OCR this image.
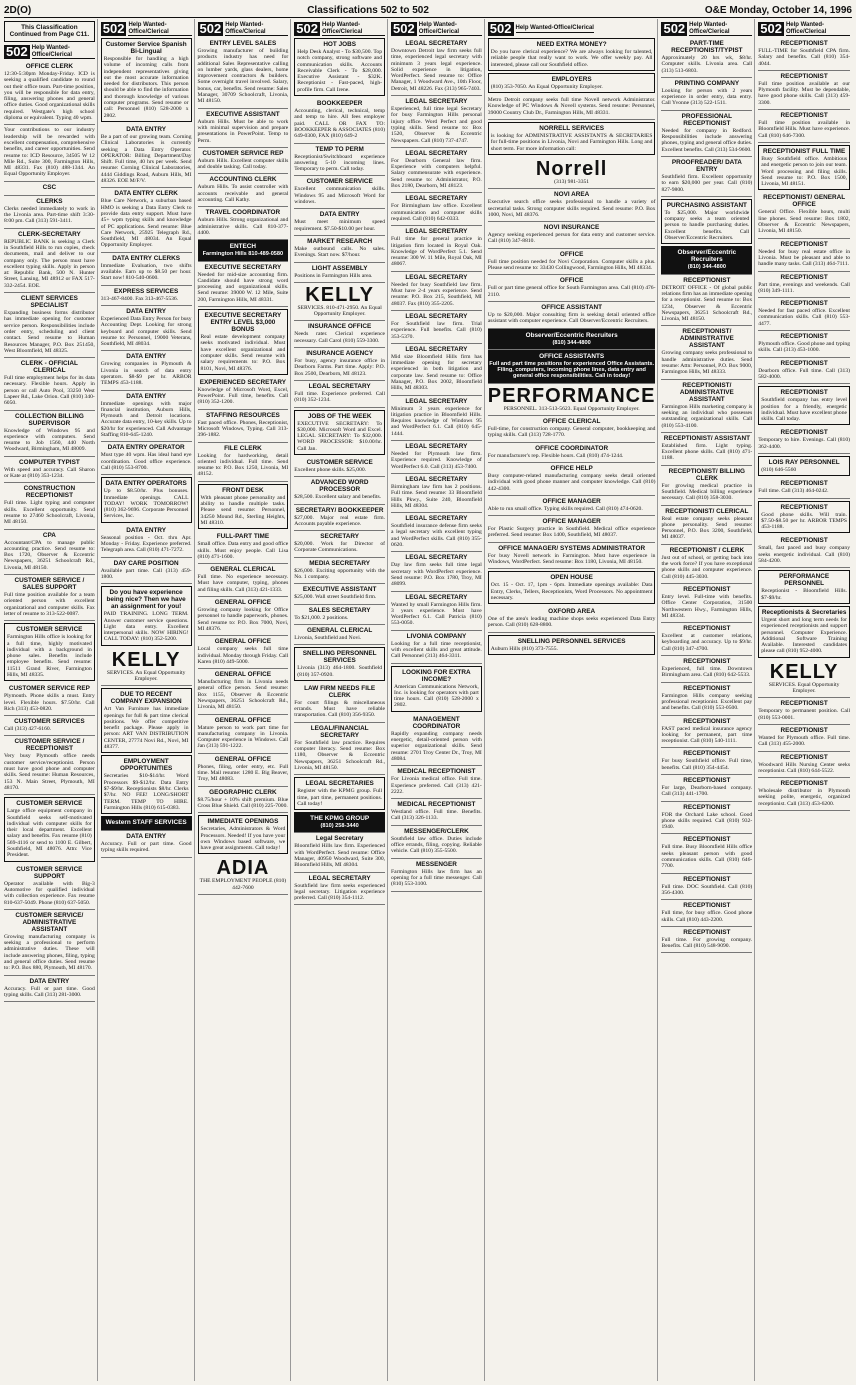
2D(O)	Classifications 502 to 502	O&E Monday, October 14, 1996
This Classification Continued from Page C11.
502 Help Wanted-Office/Clerical
OFFICE CLERK

12:30-5:30pm Monday-Friday. ICD is seeking a qualified candidate to round out their office team. Part-time position, you will be responsible for data entry, filing, answering phones and general office duties. Good organizational skills required. Westgate's high school diploma or equivalent. Typing 40 wpm.

Your contributions to our industry leadership will be rewarded with excellent compensation, comprehensive benefits, and career opportunities. Send resume to: ICD Resource, 34505 W 12 Mile Rd., Suite 300, Farmington Hills, MI 48331. Fax (810) 488-1344. An Equal Opportunity Employer.

CSC
CLERKS

Clerks needed immediately to work in the Livonia area. Part-time shift 3:30-8:00 pm. Call (313) 591-3411.

CLERK-SECRETARY

REPUBLIC BANK is seeking a Clerk in Southfield Hills to run copies, check documents, mail and deliver to our company only. The person must have excellent typing skills. Apply in person at: Republic Bank, 500 N. Hunter Street, Lansing, MI 48912 or FAX 517-332-2454. EOE.

CLIENT SERVICES SPECIALIST

Expanding business forms distributor has immediate opening for customer service person. Responsibilities include order entry, scheduling and client contact. Send resume to Human Resources Manager, P.O. Box 251450, West Bloomfield, MI 48325.

CLERK - OFFICIAL CLERICAL

Full time employment helps for its data necessary. Flexible hours. Apply in person or call Auto Pool, 33250 West Lapeer Rd., Lake Orion. Call (810) 340-6050.

COLLECTION BILLING SUPERVISOR

Knowledge of Windows 95 and experience with computers. Send resume to Job 1560, 440 North Woodward, Birmingham, MI 48009.

COMPUTER TYPIST

With speed and accuracy. Call Sharon or Kate at (810) 353-1234.

CONSTRUCTION RECEPTIONIST

Full time. Light typing and computer skills. Excellent opportunity. Send resume to 27460 Schoolcraft, Livonia, MI 48150.

CPA

Accountant/CPA to manage public accounting practice. Send resume to: Box 1720, Observer & Eccentric Newspapers, 36251 Schoolcraft Rd., Livonia, MI 48150.

CUSTOMER SERVICE / SALES SUPPORT

Full time position available for a team oriented person with excellent organizational and computer skills. Fax letter of resume to 313-522-0087.

CUSTOMER SERVICE

Farmington Hills office is looking for a full time, highly motivated individual with a background in phone sales. Benefits include employee benefits. Send resume: 11511 Grand River, Farmington Hills, MI 48335.

CUSTOMER SERVICE REP

Plymouth. Phone skills a must. Entry level. Flexible hours. $7.50/hr. Call Rich (313) 453-0820.

CUSTOMER SERVICES

Call (313) 427-6160.

CUSTOMER SERVICE / RECEPTIONIST

Very busy Plymouth office needs customer service/receptionist. Person must have good phone and computer skills. Send resume: Human Resources, 153 N. Main Street, Plymouth, MI 48170.

CUSTOMER SERVICE

Large office equipment company in Southfield seeks self-motivated individual with computer skills for their local department. Excellent salary and benefits. Fax resume (810) 569-4116 or send to 1100 E. Gilbert, Southfield, MI 48076. Attn: Vice President.

CUSTOMER SERVICE SUPPORT

Operator available with Big-3 Automotive for qualified individual with collection experience. Fax resume 810-637-5049. Phone (810) 637-5050.

CUSTOMER SERVICE/ ADMINISTRATIVE ASSISTANT

Growing manufacturing company is seeking a professional to perform administrative duties. These will include answering phones, filing, typing and general office duties. Send resume to: P.O. Box 880, Plymouth, MI 48170.

DATA ENTRY

Accuracy. Full or part time. Good typing skills. Call (313) 281-3000.

502 Help Wanted-Office/Clerical
Customer Service Spanish Bi-Lingual

Responsible for handling a high volume of incoming calls from independent representatives giving out the most accurate information needed for distributors. This person should be able to find the information and thorough knowledge of various computer programs. Send resume or call: Personnel (810) 528-2000 x 2802.

DATA ENTRY

Be a part of our growing team. Corning Clinical Laboratories is currently seeking a Data Entry Operator. OPERATOR: Billing Department/Day Shift. Full time, 40 hrs per week. Send resume: Corning Clinical Laboratories, 4444 Giddings Road, Auburn Hills, MI 48326. EOE M/F/V.

DATA ENTRY CLERK

Blue Care Network, a suburban based HMO is seeking a Data Entry Clerk to provide data entry support. Must have 45+ wpm typing skills and knowledge of PC applications. Send resume: Blue Care Network, 25925 Telegraph Rd., Southfield, MI 48034. An Equal Opportunity Employer.

DATA ENTRY CLERKS

Immediate Evaluation, two shifts available. Earn up to $8.50 per hour. Start now! 810-540-0600.

EXPRESS SERVICES

313-467-8400. Fax 313-467-5536.

DATA ENTRY

Experienced Data Entry Person for busy Accounting Dept. Looking for strong keyboard and computer skills. Send resume to: Personnel, 19000 Veterans, Southfield, MI 48034.

DATA ENTRY

Growing companies in Plymouth & Livonia in search of data entry operators. $8-$9 per hr. ARBOR TEMPS 453-1188.

DATA ENTRY

Immediate openings with major financial institution, Auburn Hills, Plymouth and Detroit locations. Accurate data entry, 10-key skills. Up to $20/hr for experienced. Call Advantage Staffing 810-645-1240.

DATA ENTRY OPERATOR

Must type 40 wpm. Has ideal hand eye coordination. Good office experience. Call (810) 553-8700.

DATA ENTRY OPERATORS

Up to $8.50/hr. Plus bonuses. Immediate openings. CALL TODAY! WORK TOMORROW! (810) 362-9696. Corporate Personnel Services, Inc.

DATA ENTRY

Seasonal position - Oct. thru Apr. Monday - Friday. Experience preferred. Telegraph area. Call (810) 471-7272.

DAY CARE POSITION

Available part time. Call (313) 459-1800.

Do you have experience being nice? Then we have an assignment for you!

PAID TRAINING. LONG TERM. Answer customer service questions. Light data entry. Excellent interpersonal skills. NOW HIRING! CALL TODAY: (810) 352-5200.

KELLY

SERVICES. An Equal Opportunity Employer.

DUE TO RECENT COMPANY EXPANSION

Art Van Furniture has immediate openings for full & part time clerical positions. We offer competitive benefit package. Please apply in person: ART VAN DISTRIBUTION CENTER, 27774 Novi Rd., Novi, MI 48377.

EMPLOYMENT OPPORTUNITIES

Secretaries $10-$14/hr. Word Processors $9-$12/hr. Data Entry $7-$9/hr. Receptionists $8/hr. Clerks $7/hr. NO FEE! LONG/SHORT TERM. TEMP TO HIRE. Farmington Hills (810) 615-0383.

Western STAFF SERVICES
DATA ENTRY

Accuracy. Full or part time. Good typing skills required.

502 Help Wanted-Office/Clerical
ENTRY LEVEL SALES

Growing manufacturer of building products industry has need for additional Sales Representative calling on lumber yards, glass dealers, home improvement contractors & builders. Some overnight travel involved. Salary, bonus, car, benefits. Send resume: Sales Manager, 30709 Schoolcraft, Livonia, MI 48150.

EXECUTIVE ASSISTANT

Auburn Hills. Must be able to work with minimal supervision and prepare presentations in PowerPoint. Temp to Perm.

CUSTOMER SERVICE REP

Auburn Hills. Excellent computer skills and double tasking. Call today.

ACCOUNTING CLERK

Auburn Hills. To assist controller with accounts receivable and general accounting. Call Kathy.

TRAVEL COORDINATOR

Auburn Hills. Strong organizational and administrative skills. Call 810-377-4400.

ENTECH

Farmington Hills 810-489-0580

EXECUTIVE SECRETARY

Needed for mid-size accounting firm. Candidate should have strong word processing and organizational skills. Send resume: 39000 W. 12 Mile, Suite 200, Farmington Hills, MI 48331.

EXECUTIVE SECRETARY ENTRY LEVEL $3,000 BONUS

Real estate development company seeks motivated individual. Must have excellent organizational and computer skills. Send resume with salary requirements to: P.O. Box 8101, Novi, MI 48376.

EXPERIENCED SECRETARY

Knowledge of Microsoft Word, Excel, PowerPoint. Full time, benefits. Call (810) 352-1200.

STAFFING RESOURCES

Fast paced office. Phones, Receptionist, Microsoft Windows, Typing. Call 313-396-1882.

FILE CLERK

Looking for hardworking, detail oriented individual. Full time. Send resume to: P.O. Box 1250, Livonia, MI 48152.

FRONT DESK

With pleasant phone personality and ability to handle multiple tasks. Please send resume: Personnel, 34250 Mound Rd., Sterling Heights, MI 48310.

FULL-PART TIME

Small office. Data entry and good office skills. Must enjoy people. Call Lisa (810) 471-1600.

GENERAL CLERICAL

Full time. No experience necessary. Must have computer, typing, phones and filing skills. Call (313) 421-1333.

GENERAL OFFICE

Growing company looking for Office personnel to handle paperwork, phones. Send resume to: P.O. Box 7000, Novi, MI 48376.

GENERAL OFFICE

Local company seeks full time individual. Monday through Friday. Call Karen (810) 449-5000.

GENERAL OFFICE

Manufacturing firm in Livonia needs general office person. Send resume: Box 1155, Observer & Eccentric Newspapers, 36251 Schoolcraft Rd., Livonia, MI 48150.

GENERAL OFFICE

Mature person to work part time for manufacturing company in Livonia. Computer experience in Windows. Call Jan (313) 591-1222.

GENERAL OFFICE

Phones, filing, order entry, etc. Full time. Mail resume: 1280 E. Big Beaver, Troy, MI 48083.

GEOGRAPHIC CLERK

$8.75/hour + 10% shift premium. Blue Cross Blue Shield. Call (810) 225-7000.

IMMEDIATE OPENINGS

Secretaries, Administrators & Word Processors. Needed! If you have your own Windows based software, we have great assignments. Call today!

ADIA

THE EMPLOYMENT PEOPLE (810) 442-7600

502 Help Wanted-Office/Clerical
HOT JOBS

Help Desk Analyst - To $30,500. Top notch company, strong software and communication skills. Accounts Receivable Clerk - To $28,000. Executive Assistant - $32K. Receptionist - Fast-paced, high-profile firm. Call Irene.

BOOKKEEPER

Accounting, clerical, technical, temp and temp to hire. All fees employer paid. CALL OR FAX TO: BOOKKEEPER & ASSOCIATES (810) 649-0300, FAX (810) 649-2

TEMP TO PERM

Receptionist/Switchboard experience answering 5-10 incoming lines. Temporary to perm. Call today.

CUSTOMER SERVICE

Excellent communication skills. Windows 95 and Microsoft Word for windows.

DATA ENTRY

Must meet minimum speed requirement. $7.50-$10.00 per hour.

MARKET RESEARCH

Make outbound calls. No sales. Evenings. Start now. $7/hour.

LIGHT ASSEMBLY

Positions in Farmington Hills area.

KELLY

SERVICES. 810-471-2950. An Equal Opportunity Employer.

INSURANCE OFFICE

Needs rater. Clerical experience necessary. Call Carol (810) 559-3300.

INSURANCE AGENCY

For busy, agency insurance office in Dearborn Farms. Part time. Apply: P.O. Box 2500, Dearborn, MI 48123.

LEGAL SECRETARY

Full time. Experience preferred. Call (810) 352-1234.

JOBS OF THE WEEK

EXECUTIVE SECRETARY: To $30,000. Microsoft Word and Excel. LEGAL SECRETARY: To $32,000. WORD PROCESSOR: $10.00/hr. Call Jan.

CUSTOMER SERVICE

Excellent phone skills. $25,000.

ADVANCED WORD PROCESSOR

$28,500. Excellent salary and benefits.

SECRETARY/ BOOKKEEPER

$27,000. Major real estate firm. Accounts payable experience.

SECRETARY

$20,000. Work for Director of Corporate Communications.

MEDIA SECRETARY

$26,000. Exciting opportunity with the No. 1 company.

EXECUTIVE ASSISTANT

$25,000. Wall street Southfield firm.

SALES SECRETARY

To $21,000. 2 positions.

GENERAL CLERICAL

Livonia, Southfield and Novi.

SNELLING PERSONNEL SERVICES

Livonia (313) 464-1800. Southfield (810) 357-0920.

LAW FIRM NEEDS FILE CLERK

For court filings & miscellaneous errands. Must have reliable transportation. Call (810) 356-9350.

LEGAL/FINANCIAL SECRETARY

For Southfield law practice. Requires computer literacy. Send resume: Box 1180, Observer & Eccentric Newspapers, 36251 Schoolcraft Rd., Livonia, MI 48150.

LEGAL SECRETARIES

Register with the KPMG group. Full time, part time, permanent positions. Call today!

THE KPMG GROUP

(810) 258-3440

Legal Secretary

Bloomfield Hills law firm. Experienced with WordPerfect. Send resume: Office Manager, 40950 Woodward, Suite 300, Bloomfield Hills, MI 48304.

LEGAL SECRETARY

Southfield law firm seeks experienced legal secretary. Litigation experience preferred. Call (810) 354-1112.

502 Help Wanted-Office/Clerical
LEGAL SECRETARY

Downtown Detroit law firm seeks full time, experienced legal secretary with minimum 3 years legal experience. Solid experience in litigation, WordPerfect. Send resume to: Office Manager, 1 Woodward Ave., 10th Floor, Detroit, MI 48226. Fax (313) 965-7403.

LEGAL SECRETARY

Experienced, full time legal Secretary for busy Farmington Hills personal injury office. Word Perfect and good typing skills. Send resume to: Box 1520, Observer & Eccentric Newspapers. Call (810) 737-4747.

LEGAL SECRETARY

For Dearborn General law firm. Experience with computers helpful. Salary commensurate with experience. Send resume to: Administrator, P.O. Box 2180, Dearborn, MI 48123.

LEGAL SECRETARY

For Birmingham law office. Excellent communication and computer skills required. Call (810) 642-0333.

LEGAL SECRETARY

Full time for general practice in litigation firm located in Royal Oak. Knowledge of WordPerfect 5.1. Send resume: 300 W. 11 Mile, Royal Oak, MI 48067.

LEGAL SECRETARY

Needed for busy Southfield law firm. Must have 2-4 years experience. Send resume: P.O. Box 215, Southfield, MI 48037. Fax (810) 355-2205.

LEGAL SECRETARY

For Southfield law firm. Trial experience. Full benefits. Call (810) 353-5370.

LEGAL SECRETARY

Mid size Bloomfield Hills firm has immediate opening for secretary experienced in both litigation and corporate law. Send resume to: Office Manager, P.O. Box 2002, Bloomfield Hills, MI 48303.

LEGAL SECRETARY

Minimum 3 years experience for litigation practice in Bloomfield Hills. Requires knowledge of Windows 95 and WordPerfect 6.1. Call (810) 645-1444.

LEGAL SECRETARY

Needed for Plymouth law firm. Experience required. Knowledge of WordPerfect 6.0. Call (313) 453-7400.

LEGAL SECRETARY

Birmingham law firm has 2 positions. Full time. Send resume: 33 Bloomfield Hills Pkwy., Suite 240, Bloomfield Hills, MI 48304.

LEGAL SECRETARY

Southfield insurance defense firm seeks a legal secretary with excellent typing and WordPerfect skills. Call (810) 355-0620.

LEGAL SECRETARY

Day law firm seeks full time legal secretary with WordPerfect experience. Send resume: P.O. Box 1780, Troy, MI 48099.

LEGAL SECRETARY

Wanted by small Farmington Hills firm. 3 years experience. Must have WordPerfect 6.1. Call Patricia (810) 553-0050.

LIVONIA COMPANY

Looking for a full time receptionist, with excellent skills and great attitude. Call Personnel (313) 464-3311.

LOOKING FOR EXTRA INCOME?

American Communications Network, Inc. is looking for operators with part time hours. Call (810) 528-2000 x 2802.

MANAGEMENT COORDINATOR

Rapidly expanding company needs energetic, detail-oriented person with superior organizational skills. Send resume: 2701 Troy Center Dr., Troy, MI 48084.

MEDICAL RECEPTIONIST

For Livonia medical office. Full time. Experience preferred. Call (313) 421-2222.

MEDICAL RECEPTIONIST

Westland office. Full time. Benefits. Call (313) 326-1133.

MESSENGER/CLERK

Southfield law office. Duties include office errands, filing, copying. Reliable vehicle. Call (810) 355-5500.

MESSENGER

Farmington Hills law firm has an opening for a full time messenger. Call (810) 553-3100.

502 Help Wanted-Office/Clerical
NEED EXTRA MONEY?

Do you have clerical experience? We are always looking for talented, reliable people that really want to work. We offer weekly pay. All interested, please call our Southfield office.

EMPLOYERS

(810) 353-7050. An Equal Opportunity Employer.

Metro Detroit company seeks full time Novell network Administrator. Knowledge of PC Windows & Novell systems. Send resume: Personnel, 39000 Country Club Dr., Farmington Hills, MI 48331.

NORRELL SERVICES

is looking for ADMINISTRATIVE ASSISTANTS & SECRETARIES for full-time positions in Livonia, Novi and Farmington Hills. Long and short term. For more information call:

Norrell

(313) 981-3351

NOVI AREA

Executive search office seeks professional to handle a variety of secretarial tasks. Strong computer skills required. Send resume: P.O. Box 1000, Novi, MI 48376.

NOVI INSURANCE

Agency seeking experienced person for data entry and customer service. Call (810) 347-8810.

OFFICE

Full time position needed for Novi Corporation. Computer skills a plus. Please send resume to: 33430 Collingwood, Farmington Hills, MI 48334.

OFFICE

Full or part time general office for South Farmington area. Call (810) 476-2110.

OFFICE ASSISTANT

Up to $20,000. Major consulting firm is seeking detail oriented office assistant with computer experience. Call Observer/Eccentric Recruiters.

Observer/Eccentric Recruiters

(810) 344-4800

OFFICE ASSISTANTS

Full and part time positions for experienced Office Assistants. Filing, computers, incoming phone lines, data entry and general office responsibilities. Call in today!

PERFORMANCE

PERSONNEL. 313-513-5623. Equal Opportunity Employer.

OFFICE CLERICAL

Full-time, for construction company. General computer, bookkeeping and typing skills. Call (313) 728-1770.

OFFICE COORDINATOR

For manufacturer's rep. Flexible hours. Call (810) 474-1244.

OFFICE HELP

Busy computer-related manufacturing company seeks detail oriented individual with good phone manner and computer knowledge. Call (810) 442-4300.

OFFICE MANAGER

Able to run small office. Typing skills required. Call (810) 474-0620.

OFFICE MANAGER

For Plastic Surgery practice in Southfield. Medical office experience preferred. Send resume: Box 1400, Southfield, MI 48037.

OFFICE MANAGER/ SYSTEMS ADMINISTRATOR

For busy Novell network in Farmington. Must have experience in Windows, WordPerfect. Send resume: Box 1180, Livonia, MI 48150.

OPEN HOUSE

Oct. 15 - Oct. 17, 1pm - 6pm. Immediate openings available: Data Entry, Clerks, Tellers, Receptionists, Word Processors. No appointment necessary.

OXFORD AREA

One of the area's leading machine shops seeks experienced Data Entry person. Call (810) 628-8800.

SNELLING PERSONNEL SERVICES

Auburn Hills (810) 373-7555.

502 Help Wanted-Office/Clerical
PART-TIME RECEPTIONIST/TYPIST

Approximately 20 hrs wk, $8/hr. Computer skills. Livonia area. Call (313) 513-6803.

PRINTING COMPANY

Looking for person with 2 years experience in order entry, data entry. Call Yvonne (313) 522-1511.

PROFESSIONAL RECEPTIONIST

Needed for company in Redford. Responsibilities include answering phones, typing and general office duties. Excellent benefits. Call (313) 534-9600.

PROOFREADER/ DATA ENTRY

Southfield firm. Excellent opportunity to earn $20,000 per year. Call (810) 827-9800.

PURCHASING ASSISTANT

To $25,000. Major worldwide company seeks a team oriented person to handle purchasing duties. Excellent benefits. Call Observer/Eccentric Recruiters.

Observer/Eccentric Recruiters

(810) 344-4800

RECEPTIONIST

DETROIT OFFICE - Of global public relations firm has an immediate opening for a receptionist. Send resume to: Box 1234, Observer & Eccentric Newspapers, 36251 Schoolcraft Rd., Livonia, MI 48150.

RECEPTIONIST/ ADMINISTRATIVE ASSISTANT

Growing company seeks professional to handle administrative duties. Send resume: Attn: Personnel, P.O. Box 9000, Farmington Hills, MI 48333.

RECEPTIONIST/ ADMINISTRATIVE ASSISTANT

Farmington Hills marketing company is seeking an individual who possesses outstanding organizational skills. Call (810) 553-4100.

RECEPTIONIST/ ASSISTANT

Established firm. Light typing. Excellent phone skills. Call (810) 471-1188.

RECEPTIONIST/ BILLING CLERK

For growing medical practice in Southfield. Medical billing experience necessary. Call (810) 358-3030.

RECEPTIONIST/ CLERICAL

Real estate company seeks pleasant phone personality. Send resume: Personnel, P.O. Box 3200, Southfield, MI 48037.

RECEPTIONIST / CLERK

Just out of school, or getting back into the work force? If you have exceptional phone skills and computer experience. Call (810) 445-3030.

RECEPTIONIST

Entry level. Full-time with benefits. Office Center Corporation, 31500 Northwestern Hwy., Farmington Hills, MI 48334.

RECEPTIONIST

Excellent at customer relations, keyboarding and accuracy. Up to $9/hr. Call (810) 347-4700.

RECEPTIONIST

Experienced, full time. Downtown Birmingham area. Call (810) 642-5533.

RECEPTIONIST

Farmington Hills company seeking professional receptionist. Excellent pay and benefits. Call (810) 553-0500.

RECEPTIONIST

FAST paced medical insurance agency looking for permanent, part time receptionist. Call (810) 540-1111.

RECEPTIONIST

For busy Southfield office. Full time, benefits. Call (810) 354-4454.

RECEPTIONIST

For large, Dearborn-based company. Call (313) 441-1700.

RECEPTIONIST

FOR the Orchard Lake school. Good phone skills required. Call (810) 932-1940.

RECEPTIONIST

Full time. Busy Bloomfield Hills office seeks pleasant person with good communication skills. Call (810) 646-7700.

RECEPTIONIST

Full time. DOC Southfield. Call (810) 356-4300.

RECEPTIONIST

Full time, for busy office. Good phone skills. Call (810) 443-2200.

RECEPTIONIST

Full time. For growing company. Benefits. Call (810) 548-9090.

502 Help Wanted-Office/Clerical
RECEPTIONIST

FULL-TIME for Southfield CPA firm. Salary and benefits. Call (810) 354-4044.

RECEPTIONIST

Full time position available at our Plymouth facility. Must be dependable, have good phone skills. Call (313) 459-3300.

RECEPTIONIST

Full time position available in Bloomfield Hills. Must have experience. Call (810) 646-7300.

RECEPTIONIST FULL TIME

Busy Southfield office. Ambitious and energetic person to join our team. Word processing and filing skills. Send resume to: P.O. Box 1500, Livonia, MI 48151.

RECEPTIONIST/ GENERAL OFFICE

General Office. Flexible hours, multi line phones. Send resume: Box 1802, Observer & Eccentric Newspapers, Livonia, MI 48150.

RECEPTIONIST

Needed for busy real estate office in Livonia. Must be pleasant and able to handle many tasks. Call (313) 464-7111.

RECEPTIONIST

Part time, evenings and weekends. Call (810) 349-1111.

RECEPTIONIST

Needed for fast paced office. Excellent communication skills. Call (810) 553-4477.

RECEPTIONIST

Plymouth office. Good phone and typing skills. Call (313) 453-1000.

RECEPTIONIST

Dearborn office. Full time. Call (313) 582-4000.

RECEPTIONIST

Southfield company has entry level position for a friendly, energetic individual. Must have excellent phone skills. Call today.

RECEPTIONIST

Temporary to hire. Evenings. Call (810) 362-4400.

LOIS RAY PERSONNEL

(810) 646-5560

RECEPTIONIST

Full time. Call (313) 464-0242.

RECEPTIONIST

Good phone skills. Will train. $7.50-$8.50 per hr. ARBOR TEMPS 453-1188.

RECEPTIONIST

Small, fast paced and busy company seeks energetic individual. Call (810) 584-4200.

PERFORMANCE PERSONNEL

Receptionist - Bloomfield Hills. $7-$9/hr.

Receptionists & Secretaries

Urgent short and long term needs for experienced receptionists and support personnel. Computer Experience. Additional Software Training Available. Interested candidates please call (810) 952-4000.

KELLY

SERVICES. Equal Opportunity Employer.

RECEPTIONIST

Temporary to permanent position. Call (810) 553-0001.

RECEPTIONIST

Wanted for Plymouth office. Full time. Call (313) 455-2000.

RECEPTIONIST

Woodward Hills Nursing Center seeks receptionist. Call (810) 644-5522.

RECEPTIONIST

Wholesale distributor in Plymouth seeking polite, energetic, organized receptionist. Call (313) 453-6200.
